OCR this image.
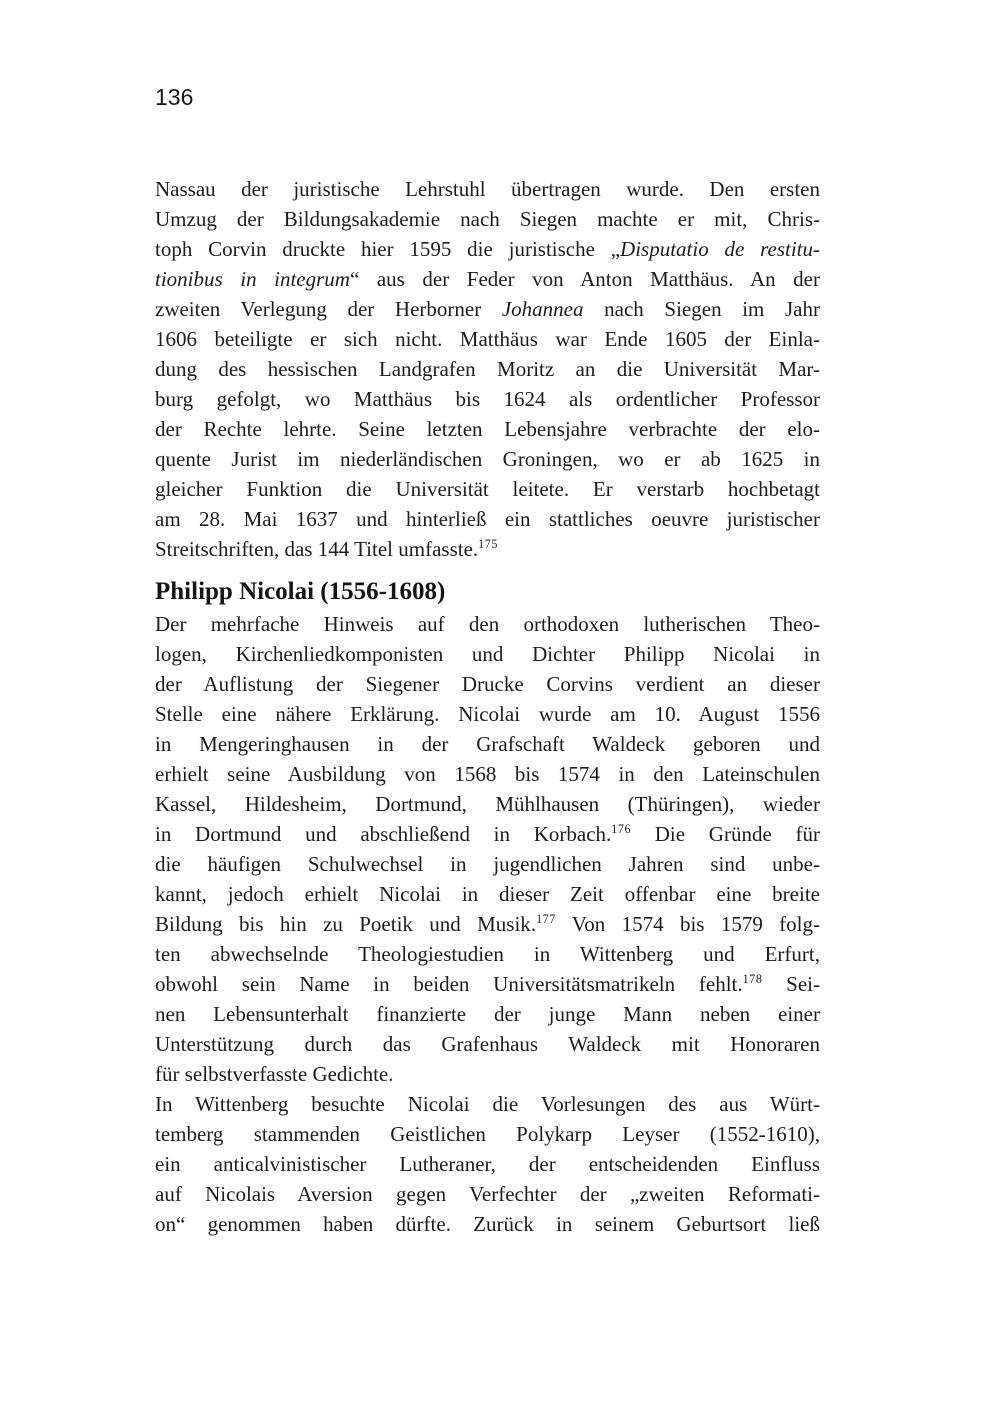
136
Nassau der juristische Lehrstuhl übertragen wurde. Den ersten
Umzug der Bildungsakademie nach Siegen machte er mit, Chris-
toph Corvin druckte hier 1595 die juristische „Disputatio de restitu-
tionibus in integrum“ aus der Feder von Anton Matthäus. An der
zweiten Verlegung der Herborner Johannea nach Siegen im Jahr
1606 beteiligte er sich nicht. Matthäus war Ende 1605 der Einla-
dung des hessischen Landgrafen Moritz an die Universität Mar-
burg gefolgt, wo Matthäus bis 1624 als ordentlicher Professor
der Rechte lehrte. Seine letzten Lebensjahre verbrachte der elo-
quente Jurist im niederländischen Groningen, wo er ab 1625 in
gleicher Funktion die Universität leitete. Er verstarb hochbetagt
am 28. Mai 1637 und hinterließ ein stattliches oeuvre juristischer
Streitschriften, das 144 Titel umfasste.$^{175}$
Philipp Nicolai (1556-1608)
Der mehrfache Hinweis auf den orthodoxen lutherischen Theo-
logen, Kirchenliedkomponisten und Dichter Philipp Nicolai in
der Auflistung der Siegener Drucke Corvins verdient an dieser
Stelle eine nähere Erklärung. Nicolai wurde am 10. August 1556
in Mengeringhausen in der Grafschaft Waldeck geboren und
erhielt seine Ausbildung von 1568 bis 1574 in den Lateinschulen
Kassel, Hildesheim, Dortmund, Mühlhausen (Thüringen), wieder
in Dortmund und abschließend in Korbach.$^{176}$ Die Gründe für
die häufigen Schulwechsel in jugendlichen Jahren sind unbe-
kannt, jedoch erhielt Nicolai in dieser Zeit offenbar eine breite
Bildung bis hin zu Poetik und Musik.$^{177}$ Von 1574 bis 1579 folg-
ten abwechselnde Theologiestudien in Wittenberg und Erfurt,
obwohl sein Name in beiden Universitätsmatrikeln fehlt.$^{178}$ Sei-
nen Lebensunterhalt finanzierte der junge Mann neben einer
Unterstützung durch das Grafenhaus Waldeck mit Honoraren
für selbstverfasste Gedichte.
In Wittenberg besuchte Nicolai die Vorlesungen des aus Würt-
temberg stammenden Geistlichen Polykarp Leyser (1552-1610),
ein anticalvinistischer Lutheraner, der entscheidenden Einfluss
auf Nicolais Aversion gegen Verfechter der „zweiten Reformati-
on“ genommen haben dürfte. Zurück in seinem Geburtsort ließ
